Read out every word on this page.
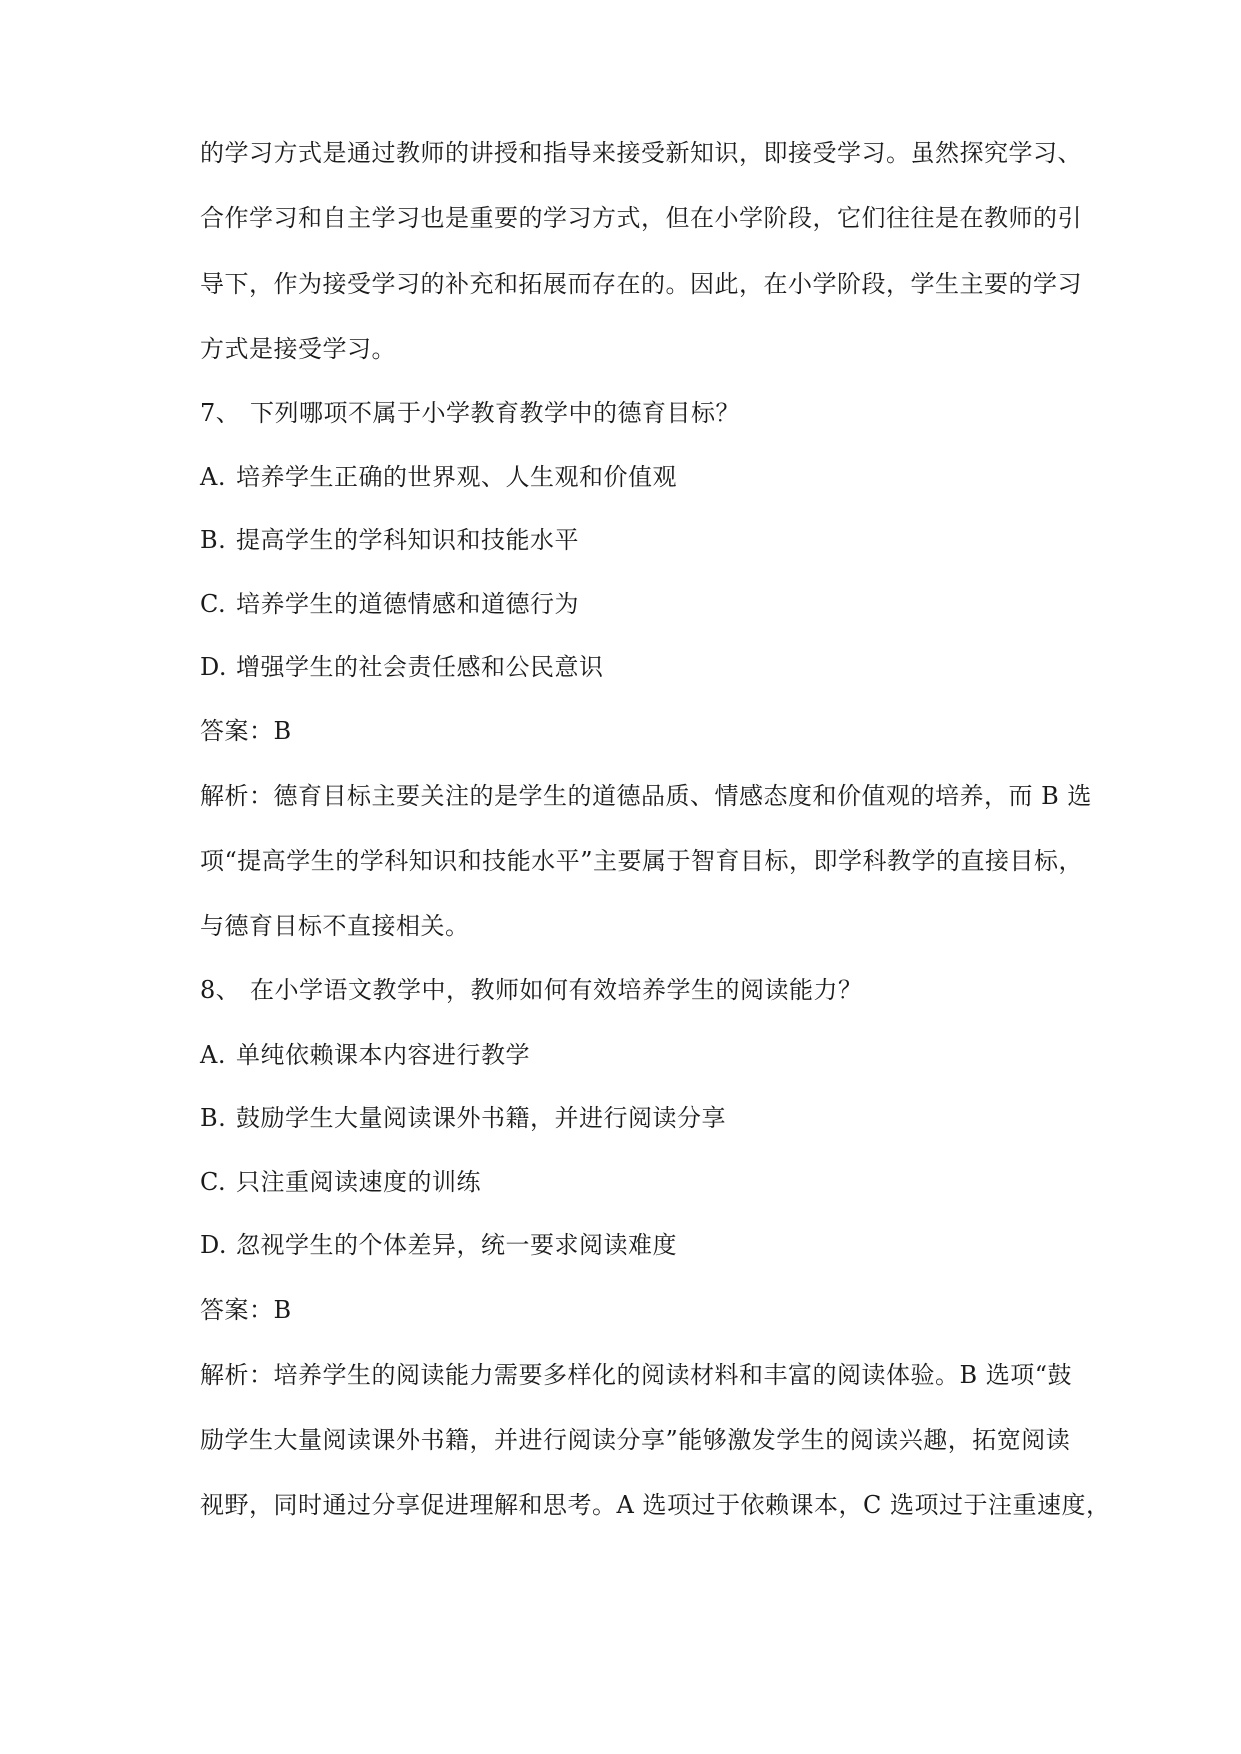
的学习方式是通过教师的讲授和指导来接受新知识，即接受学习。虽然探究学习、
合作学习和自主学习也是重要的学习方式，但在小学阶段，它们往往是在教师的引
导下，作为接受学习的补充和拓展而存在的。因此，在小学阶段，学生主要的学习
方式是接受学习。
7、 下列哪项不属于小学教育教学中的德育目标？
A. 培养学生正确的世界观、人生观和价值观
B. 提高学生的学科知识和技能水平
C. 培养学生的道德情感和道德行为
D. 增强学生的社会责任感和公民意识
答案：B
解析：德育目标主要关注的是学生的道德品质、情感态度和价值观的培养，而 B 选
项“提高学生的学科知识和技能水平”主要属于智育目标，即学科教学的直接目标，
与德育目标不直接相关。
8、 在小学语文教学中，教师如何有效培养学生的阅读能力？
A. 单纯依赖课本内容进行教学
B. 鼓励学生大量阅读课外书籍，并进行阅读分享
C. 只注重阅读速度的训练
D. 忽视学生的个体差异，统一要求阅读难度
答案：B
解析：培养学生的阅读能力需要多样化的阅读材料和丰富的阅读体验。B 选项“鼓
励学生大量阅读课外书籍，并进行阅读分享”能够激发学生的阅读兴趣，拓宽阅读
视野，同时通过分享促进理解和思考。A 选项过于依赖课本，C 选项过于注重速度，
